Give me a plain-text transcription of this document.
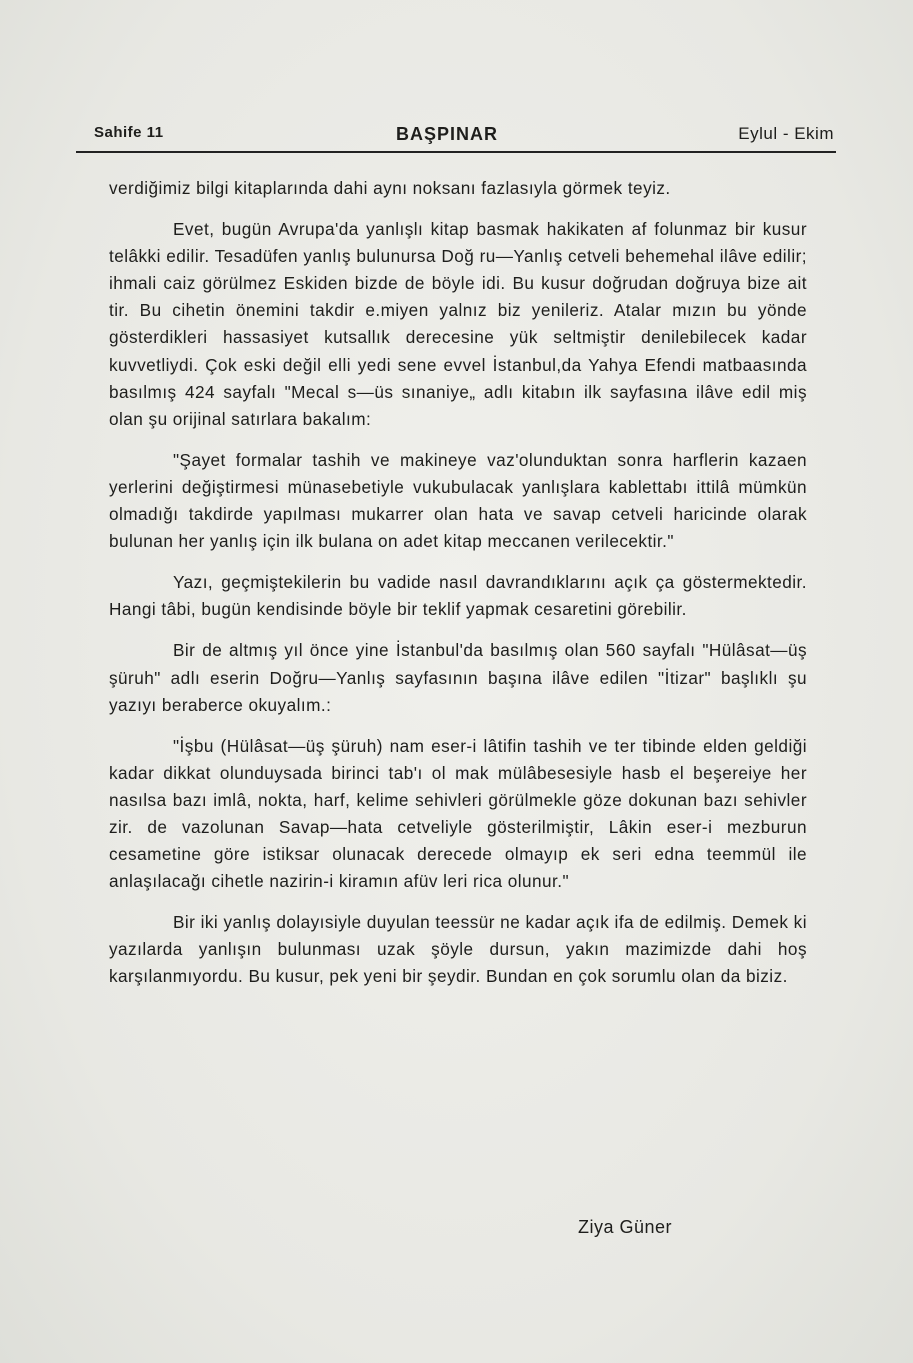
Sahife 11	BAŞPINAR	Eylul - Ekim

verdiğimiz bilgi kitaplarında dahi aynı noksanı fazlasıyla görmek teyiz.

Evet, bugün Avrupa'da yanlışlı kitap basmak hakikaten af folunmaz bir kusur telâkki edilir. Tesadüfen yanlış bulunursa Doğ ru—Yanlış cetveli behemehal ilâve edilir; ihmali caiz görülmez Eskiden bizde de böyle idi. Bu kusur doğrudan doğruya bize ait tir. Bu cihetin önemini takdir e.miyen yalnız biz yenileriz. Atalar mızın bu yönde gösterdikleri hassasiyet kutsallık derecesine yük seltmiştir denilebilecek kadar kuvvetliydi. Çok eski değil elli yedi sene evvel İstanbul,da Yahya Efendi matbaasında basılmış 424 sayfalı "Mecal s—üs sınaniye„ adlı kitabın ilk sayfasına ilâve edil miş olan şu orijinal satırlara bakalım:

"Şayet formalar tashih ve makineye vaz'olunduktan sonra harflerin kazaen yerlerini değiştirmesi münasebetiyle vukubulacak yanlışlara kablettabı ittilâ mümkün olmadığı takdirde yapılması mukarrer olan hata ve savap cetveli haricinde olarak bulunan her yanlış için ilk bulana on adet kitap meccanen verilecektir."

Yazı, geçmiştekilerin bu vadide nasıl davrandıklarını açık ça göstermektedir. Hangi tâbi, bugün kendisinde böyle bir teklif yapmak cesaretini görebilir.

Bir de altmış yıl önce yine İstanbul'da basılmış olan 560 sayfalı "Hülâsat—üş şüruh" adlı eserin Doğru—Yanlış sayfasının başına ilâve edilen "İtizar" başlıklı şu yazıyı beraberce okuyalım.:

"İşbu (Hülâsat—üş şüruh) nam eser-i lâtifin tashih ve ter tibinde elden geldiği kadar dikkat olunduysada birinci tab'ı ol mak mülâbesesiyle hasb el beşereiye her nasılsa bazı imlâ, nokta, harf, kelime sehivleri görülmekle göze dokunan bazı sehivler zir. de vazolunan Savap—hata cetveliyle gösterilmiştir, Lâkin eser-i mezburun cesametine göre istiksar olunacak derecede olmayıp ek seri edna teemmül ile anlaşılacağı cihetle nazirin-i kiramın afüv leri rica olunur."

Bir iki yanlış dolayısiyle duyulan teessür ne kadar açık ifa de edilmiş. Demek ki yazılarda yanlışın bulunması uzak şöyle dursun, yakın mazimizde dahi hoş karşılanmıyordu. Bu kusur, pek yeni bir şeydir. Bundan en çok sorumlu olan da biziz.

Ziya Güner
